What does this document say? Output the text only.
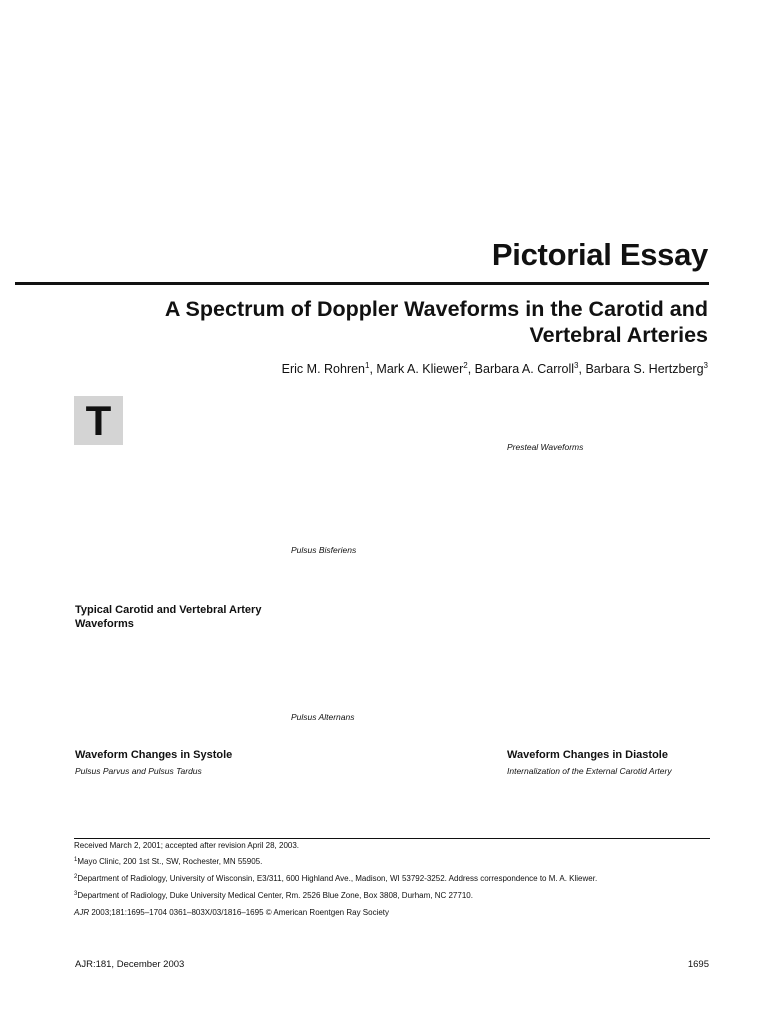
Pictorial Essay
A Spectrum of Doppler Waveforms in the Carotid and
Vertebral Arteries
Eric M. Rohren$^1$, Mark A. Kliewer$^2$, Barbara A. Carroll$^3$, Barbara S. Hertzberg$^3$
T
Presteal Waveforms
Pulsus Bisferiens
Typical Carotid and Vertebral Artery
Waveforms
Pulsus Alternans
Waveform Changes in Systole
Pulsus Parvus and Pulsus Tardus
Waveform Changes in Diastole
Internalization of the External Carotid Artery
Received March 2, 2001; accepted after revision April 28, 2003.
$^1$Mayo Clinic, 200 1st St., SW, Rochester, MN 55905.
$^2$Department of Radiology, University of Wisconsin, E3/311, 600 Highland Ave., Madison, WI 53792-3252. Address correspondence to M. A. Kliewer.
$^3$Department of Radiology, Duke University Medical Center, Rm. 2526 Blue Zone, Box 3808, Durham, NC 27710.
AJR 2003;181:1695–1704 0361–803X/03/1816–1695 © American Roentgen Ray Society
AJR:181, December 2003	1695
